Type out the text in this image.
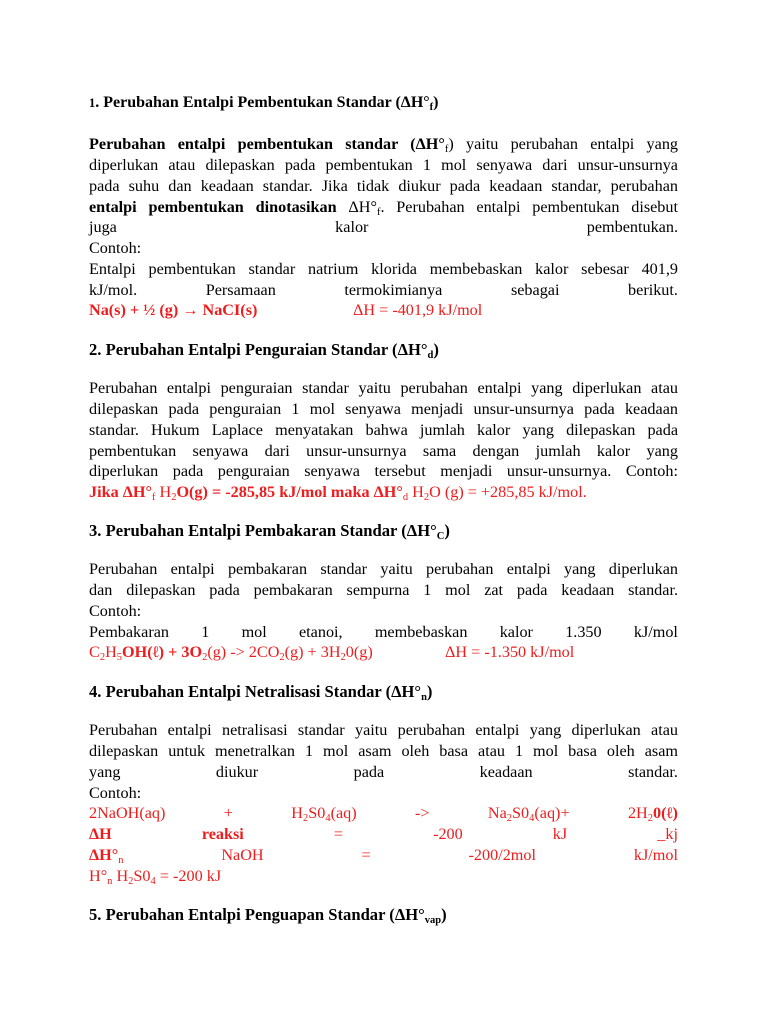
1. Perubahan Entalpi Pembentukan Standar $(\Delta H^\circ_f)$
Perubahan entalpi pembentukan standar $(\Delta H^\circ_f)$ yaitu perubahan entalpi yang
diperlukan atau dilepaskan pada pembentukan 1 mol senyawa dari unsur-unsurnya
pada suhu dan keadaan standar. Jika tidak diukur pada keadaan standar, perubahan
entalpi pembentukan dinotasikan $\Delta H^\circ_f$. Perubahan entalpi pembentukan disebut
juga	kalor	pembentukan.
Contoh:
Entalpi pembentukan standar natrium klorida membebaskan kalor sebesar 401,9
kJ/mol.	Persamaan	termokimianya	sebagai	berikut.
Na(s) + ½ (g) → NaCI(s)	ΔH = -401,9 kJ/mol
2. Perubahan Entalpi Penguraian Standar $(\Delta H^\circ_d)$
Perubahan entalpi penguraian standar yaitu perubahan entalpi yang diperlukan atau
dilepaskan pada penguraian 1 mol senyawa menjadi unsur-unsurnya pada keadaan
standar. Hukum Laplace menyatakan bahwa jumlah kalor yang dilepaskan pada
pembentukan senyawa dari unsur-unsurnya sama dengan jumlah kalor yang
diperlukan pada penguraian senyawa tersebut menjadi unsur-unsurnya. Contoh:
Jika $\Delta H^\circ_f$ $H_2O(g) = -285,85$ kJ/mol maka $\Delta H^\circ_d$ $H_2O$ (g) = +285,85 kJ/mol.
3. Perubahan Entalpi Pembakaran Standar $(\Delta H^\circ_C)$
Perubahan entalpi pembakaran standar yaitu perubahan entalpi yang diperlukan
dan dilepaskan pada pembakaran sempurna 1 mol zat pada keadaan standar.
Contoh:
Pembakaran 1 mol etanoi, membebaskan kalor 1.350 kJ/mol
$C_2H_5OH(\ell) + 3O_2(g) -> 2CO_2(g) + 3H_20(g)$	ΔH = -1.350 kJ/mol
4. Perubahan Entalpi Netralisasi Standar $(\Delta H^\circ_n)$
Perubahan entalpi netralisasi standar yaitu perubahan entalpi yang diperlukan atau
dilepaskan untuk menetralkan 1 mol asam oleh basa atau 1 mol basa oleh asam
yang	diukur	pada	keadaan	standar.
Contoh:
2NaOH(aq)	+	$H_2S0_4(aq)$	->	$Na_2S0_4(aq)+$	$2H_20(\ell)$
ΔH	reaksi	=	-200	kJ	_kj
$\Delta H^\circ_n$	NaOH	=	-200/2mol	kJ/mol
$H^\circ_n$ $H_2S0_4 = -200$ kJ
5. Perubahan Entalpi Penguapan Standar $(\Delta H^\circ_{vap})$
